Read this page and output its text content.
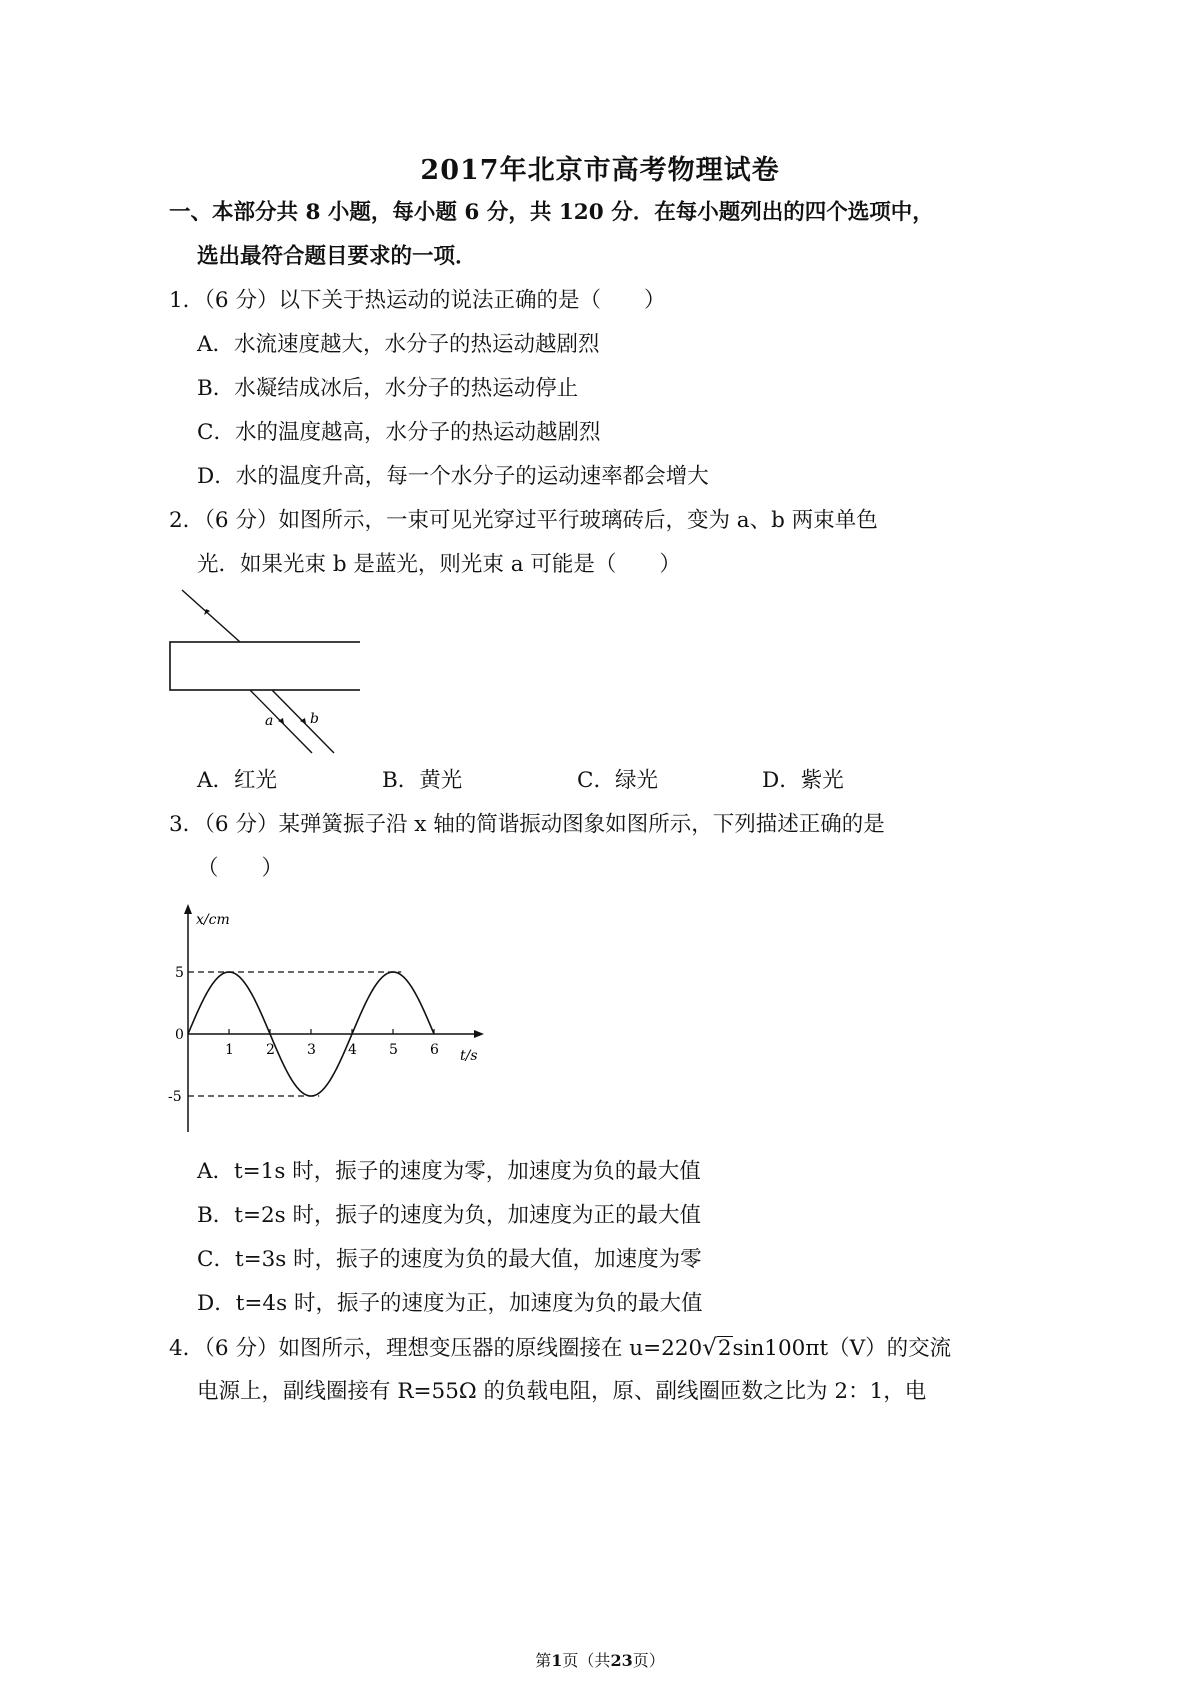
2017年北京市高考物理试卷
一、本部分共 8 小题，每小题 6 分，共 120 分．在每小题列出的四个选项中，
选出最符合题目要求的一项．
1．（6 分）以下关于热运动的说法正确的是（　　）
A．水流速度越大，水分子的热运动越剧烈
B．水凝结成冰后，水分子的热运动停止
C．水的温度越高，水分子的热运动越剧烈
D．水的温度升高，每一个水分子的运动速率都会增大
2．（6 分）如图所示，一束可见光穿过平行玻璃砖后，变为 a、b 两束单色
光．如果光束 b 是蓝光，则光束 a 可能是（　　）
a	b
A．红光	B．黄光	C．绿光	D．紫光
3．（6 分）某弹簧振子沿 x 轴的简谐振动图象如图所示，下列描述正确的是
（　　）
x/cm
t/s
1 2 3 4 5 6
5
0
-5
A．t=1s 时，振子的速度为零，加速度为负的最大值
B．t=2s 时，振子的速度为负，加速度为正的最大值
C．t=3s 时，振子的速度为负的最大值，加速度为零
D．t=4s 时，振子的速度为正，加速度为负的最大值
4．（6 分）如图所示，理想变压器的原线圈接在 u=220√2sin100πt（V）的交流
电源上，副线圈接有 R=55Ω 的负载电阻，原、副线圈匝数之比为 2：1，电
第1页（共23页）
